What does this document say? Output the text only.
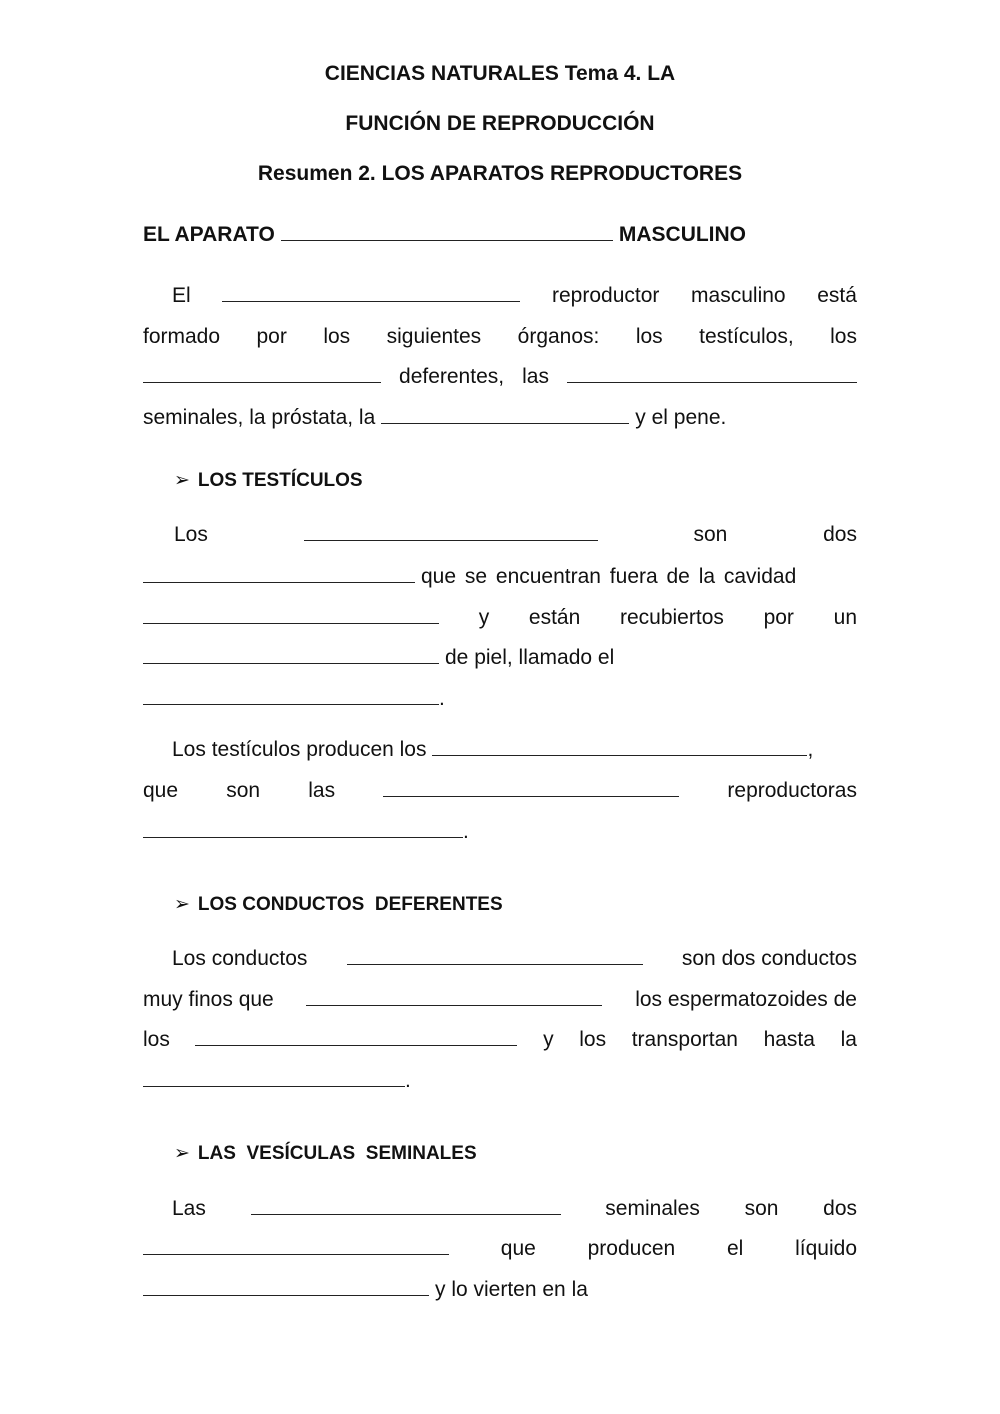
CIENCIAS NATURALES Tema 4. LA
FUNCIÓN DE REPRODUCCIÓN
Resumen 2. LOS APARATOS REPRODUCTORES
EL APARATO	MASCULINO
El	reproductor masculino está
formado por los siguientes órganos: los testículos, los
deferentes, las
seminales, la próstata, la	y el pene.
➢ LOS TESTÍCULOS
Los	son	dos
que se encuentran fuera de la cavidad
y están recubiertos por un
de piel, llamado el
.
Los testículos producen los	,
que son las	reproductoras
.
➢ LOS CONDUCTOS  DEFERENTES
Los conductos	son dos conductos
muy finos que	los espermatozoides de
los	y los transportan hasta la
.
➢ LAS  VESÍCULAS  SEMINALES
Las	seminales son dos
que producen el líquido
y lo vierten en la
